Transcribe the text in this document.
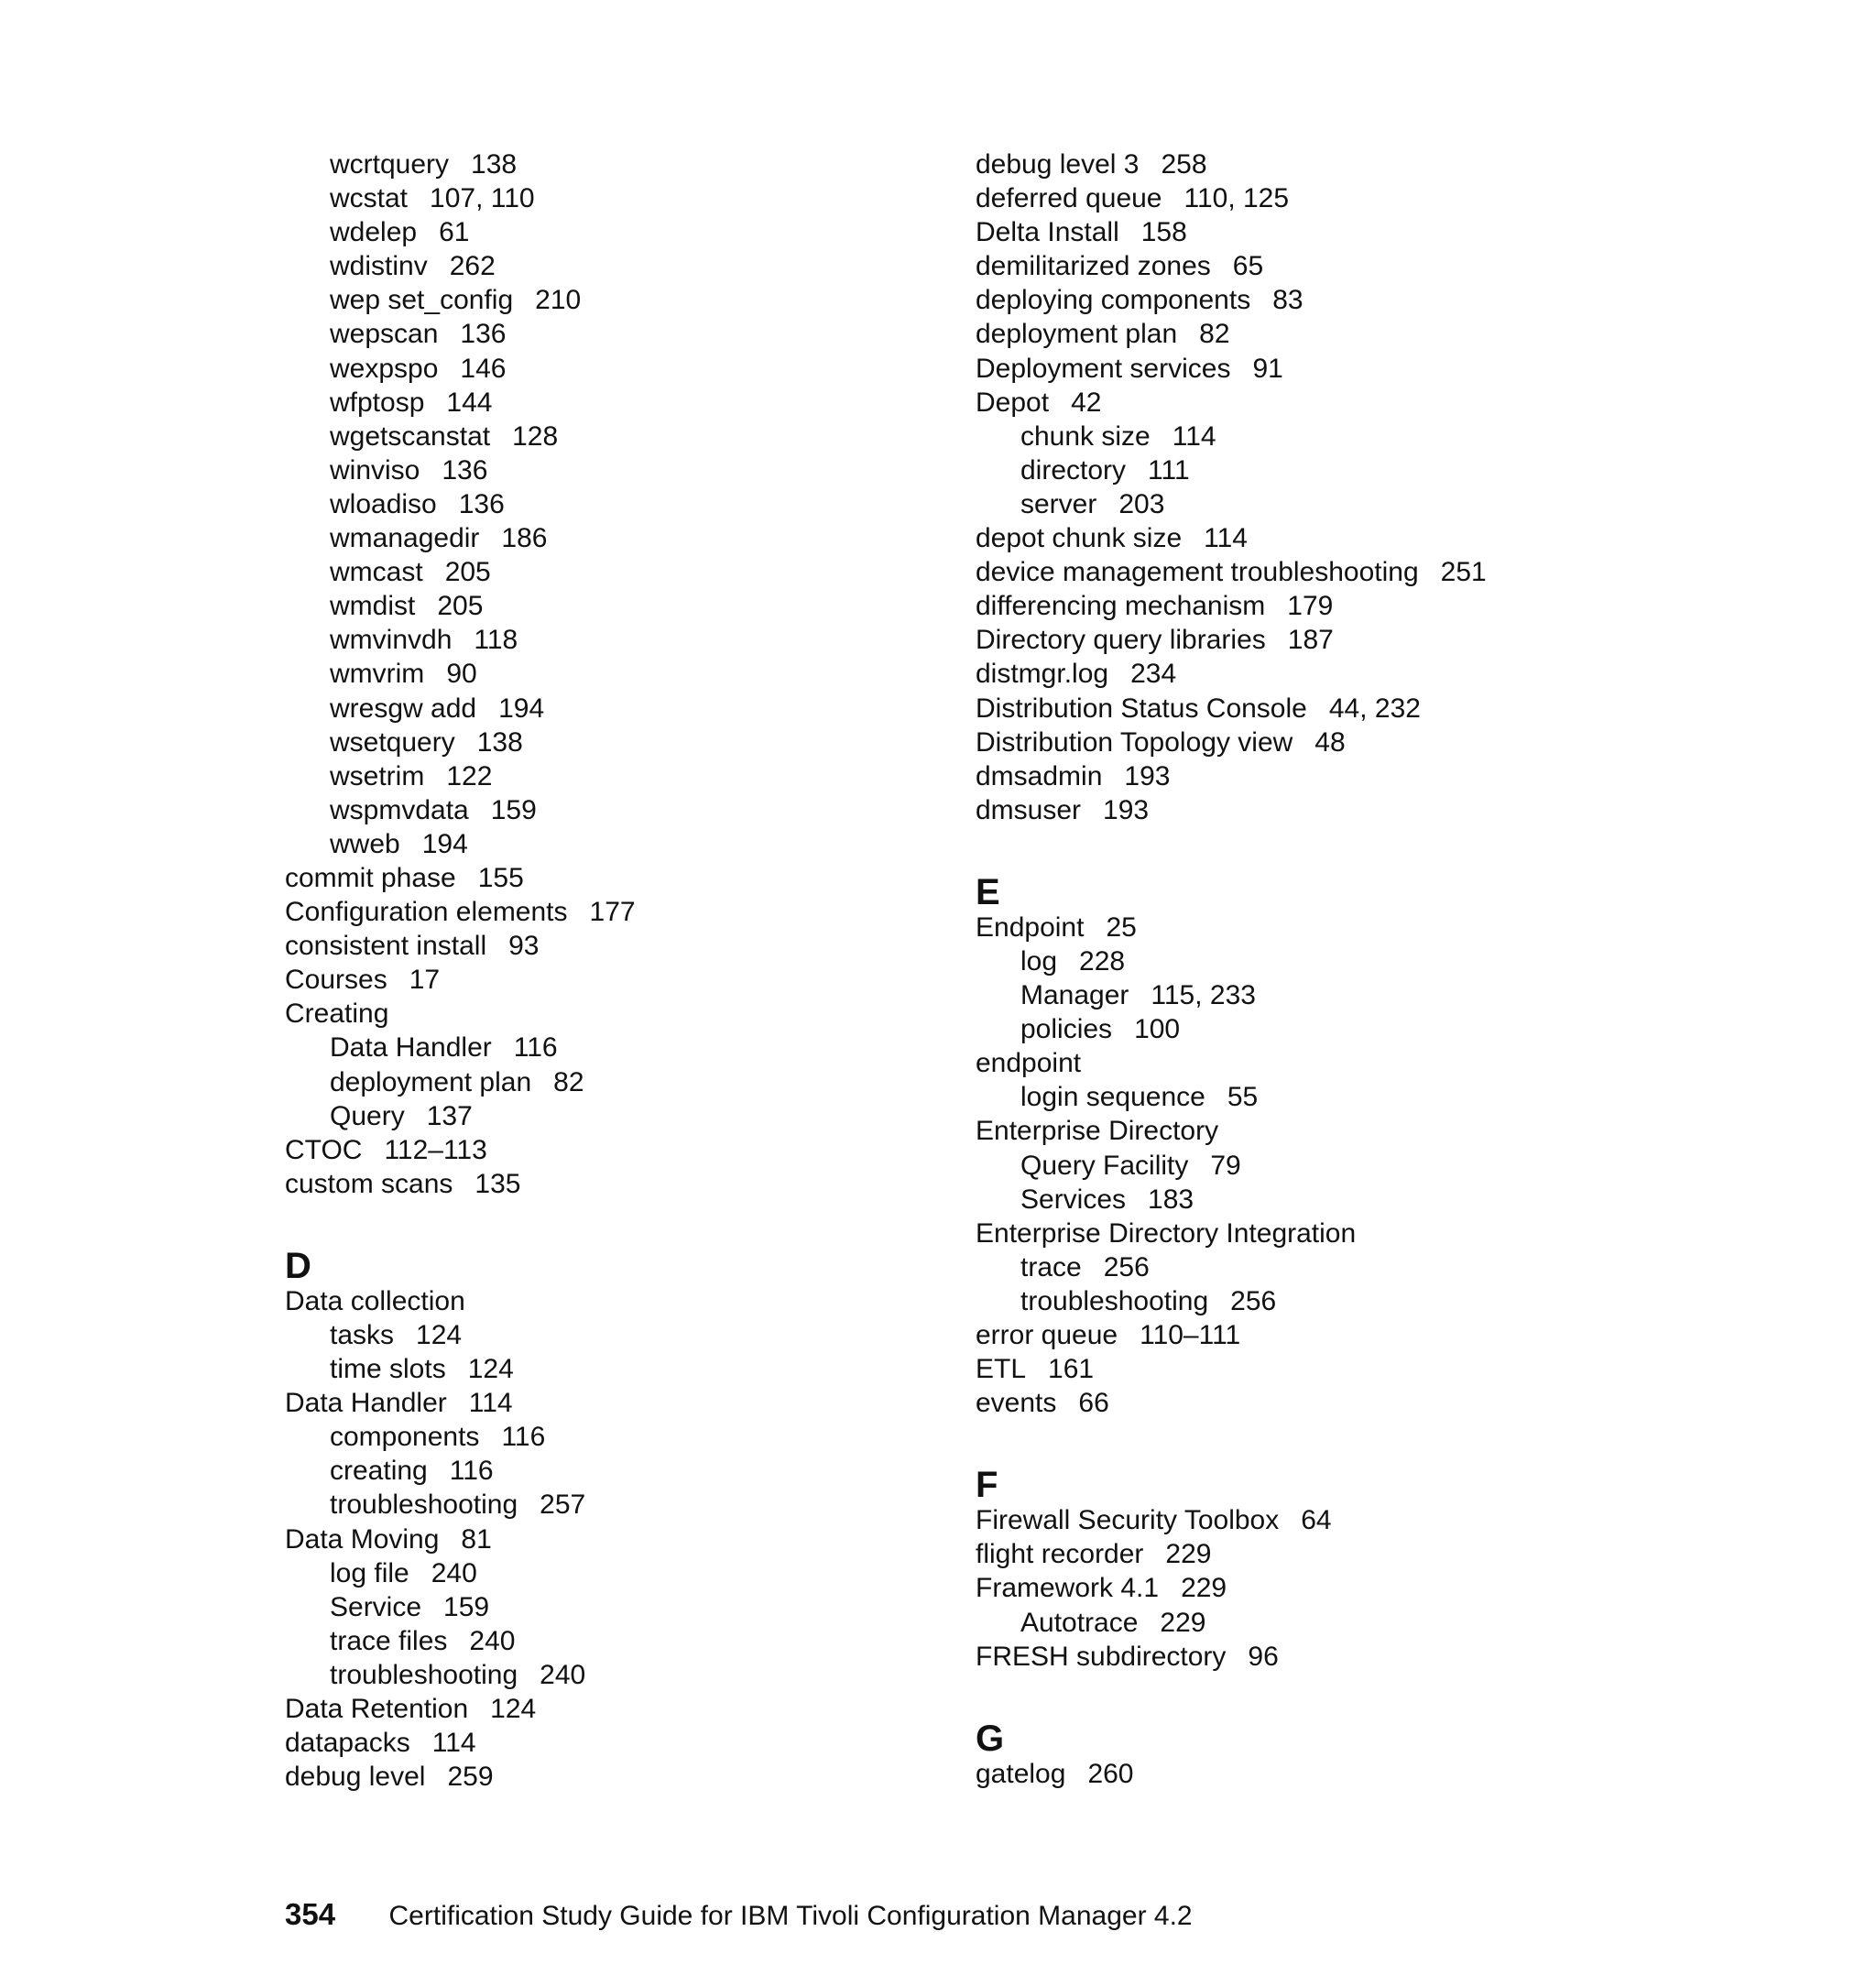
wcrtquery 138
wcstat 107, 110
wdelep 61
wdistinv 262
wep set_config 210
wepscan 136
wexpspo 146
wfptosp 144
wgetscanstat 128
winviso 136
wloadiso 136
wmanagedir 186
wmcast 205
wmdist 205
wmvinvdh 118
wmvrim 90
wresgw add 194
wsetquery 138
wsetrim 122
wspmvdata 159
wweb 194
commit phase 155
Configuration elements 177
consistent install 93
Courses 17
Creating
Data Handler 116
deployment plan 82
Query 137
CTOC 112–113
custom scans 135
D
Data collection
tasks 124
time slots 124
Data Handler 114
components 116
creating 116
troubleshooting 257
Data Moving 81
log file 240
Service 159
trace files 240
troubleshooting 240
Data Retention 124
datapacks 114
debug level 259
debug level 3 258
deferred queue 110, 125
Delta Install 158
demilitarized zones 65
deploying components 83
deployment plan 82
Deployment services 91
Depot 42
chunk size 114
directory 111
server 203
depot chunk size 114
device management troubleshooting 251
differencing mechanism 179
Directory query libraries 187
distmgr.log 234
Distribution Status Console 44, 232
Distribution Topology view 48
dmsadmin 193
dmsuser 193
E
Endpoint 25
log 228
Manager 115, 233
policies 100
endpoint
login sequence 55
Enterprise Directory
Query Facility 79
Services 183
Enterprise Directory Integration
trace 256
troubleshooting 256
error queue 110–111
ETL 161
events 66
F
Firewall Security Toolbox 64
flight recorder 229
Framework 4.1 229
Autotrace 229
FRESH subdirectory 96
G
gatelog 260
354 Certification Study Guide for IBM Tivoli Configuration Manager 4.2
